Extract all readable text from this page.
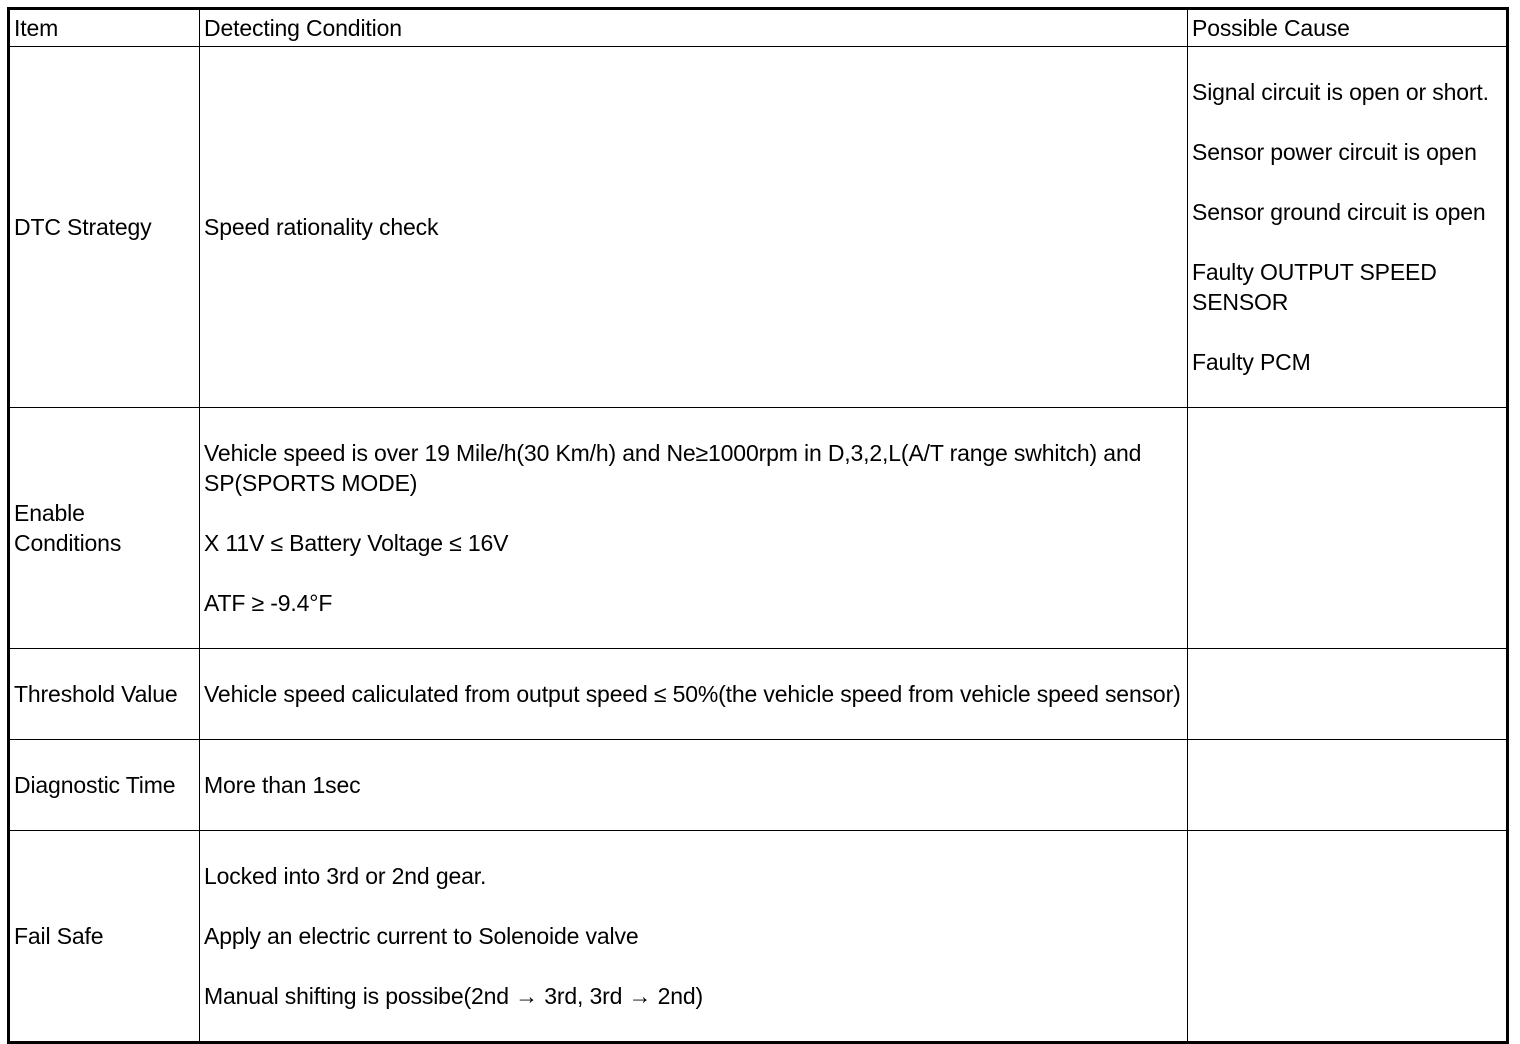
Item	Detecting Condition	Possible Cause
DTC Strategy	Speed rationality check	Signal circuit is open or short.

Sensor power circuit is open

Sensor ground circuit is open

Faulty OUTPUT SPEED SENSOR

Faulty PCM

Enable Conditions	Vehicle speed is over 19 Mile/h(30 Km/h) and Ne≥1000rpm in D,3,2,L(A/T range swhitch) and SP(SPORTS MODE)

X 11V ≤ Battery Voltage ≤ 16V

ATF ≥ -9.4°F	

Threshold Value	Vehicle speed caliculated from output speed ≤ 50%(the vehicle speed from vehicle speed sensor)	

Diagnostic Time	More than 1sec	

Fail Safe	Locked into 3rd or 2nd gear.

Apply an electric current to Solenoide valve

Manual shifting is possibe(2nd → 3rd, 3rd → 2nd)	
